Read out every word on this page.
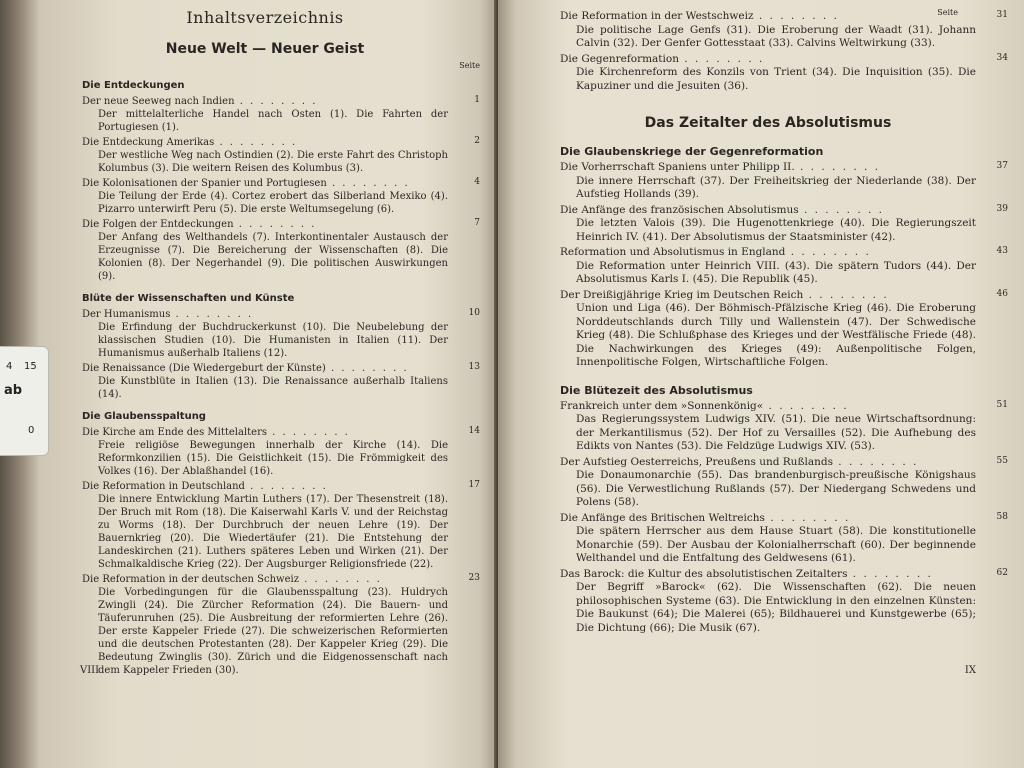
Inhaltsverzeichnis
Neue Welt — Neuer Geist
Seite
Die Entdeckungen
Der neue Seeweg nach Indien . . .	1
Der mittelalterliche Handel nach Osten (1). Die Fahrten der Portugiesen (1).
Die Entdeckung Amerikas . . .	2
Der westliche Weg nach Ostindien (2). Die erste Fahrt des Christoph Kolumbus (3). Die weitern Reisen des Kolumbus (3).
Die Kolonisationen der Spanier und Portugiesen . . .	4
Die Teilung der Erde (4). Cortez erobert das Silberland Mexiko (4). Pizarro unterwirft Peru (5). Die erste Weltumsegelung (6).
Die Folgen der Entdeckungen . . .	7
Der Anfang des Welthandels (7). Interkontinentaler Austausch der Erzeugnisse (7). Die Bereicherung der Wissenschaften (8). Die Kolonien (8). Der Negerhandel (9). Die politischen Auswirkungen (9).
Blüte der Wissenschaften und Künste
Der Humanismus . . .	10
Die Erfindung der Buchdruckerkunst (10). Die Neubelebung der klassischen Studien (10). Die Humanisten in Italien (11). Der Humanismus außerhalb Italiens (12).
Die Renaissance (Die Wiedergeburt der Künste) . . .	13
Die Kunstblüte in Italien (13). Die Renaissance außerhalb Italiens (14).
Die Glaubensspaltung
Die Kirche am Ende des Mittelalters . . .	14
Freie religiöse Bewegungen innerhalb der Kirche (14). Die Reformkonzilien (15). Die Geistlichkeit (15). Die Frömmigkeit des Volkes (16). Der Ablaßhandel (16).
Die Reformation in Deutschland . . .	17
Die innere Entwicklung Martin Luthers (17). Der Thesenstreit (18). Der Bruch mit Rom (18). Die Kaiserwahl Karls V. und der Reichstag zu Worms (18). Der Durchbruch der neuen Lehre (19). Der Bauernkrieg (20). Die Wiedertäufer (21). Die Entstehung der Landeskirchen (21). Luthers späteres Leben und Wirken (21). Der Schmalkaldische Krieg (22). Der Augsburger Religionsfriede (22).
Die Reformation in der deutschen Schweiz . . .	23
Die Vorbedingungen für die Glaubensspaltung (23). Huldrych Zwingli (24). Die Zürcher Reformation (24). Die Bauern- und Täuferunruhen (25). Die Ausbreitung der reformierten Lehre (26). Der erste Kappeler Friede (27). Die schweizerischen Reformierten und die deutschen Protestanten (28). Der Kappeler Krieg (29). Die Bedeutung Zwinglis (30). Zürich und die Eidgenossenschaft nach dem Kappeler Frieden (30).
VIII
Seite
Die Reformation in der Westschweiz . . .	31
Die politische Lage Genfs (31). Die Eroberung der Waadt (31). Johann Calvin (32). Der Genfer Gottesstaat (33). Calvins Weltwirkung (33).
Die Gegenreformation . . .	34
Die Kirchenreform des Konzils von Trient (34). Die Inquisition (35). Die Kapuziner und die Jesuiten (36).
Das Zeitalter des Absolutismus
Die Glaubenskriege der Gegenreformation
Die Vorherrschaft Spaniens unter Philipp II. . . .	37
Die innere Herrschaft (37). Der Freiheitskrieg der Niederlande (38). Der Aufstieg Hollands (39).
Die Anfänge des französischen Absolutismus . . .	39
Die letzten Valois (39). Die Hugenottenkriege (40). Die Regierungszeit Heinrich IV. (41). Der Absolutismus der Staatsminister (42).
Reformation und Absolutismus in England . . .	43
Die Reformation unter Heinrich VIII. (43). Die spätern Tudors (44). Der Absolutismus Karls I. (45). Die Republik (45).
Der Dreißigjährige Krieg im Deutschen Reich . . .	46
Union und Liga (46). Der Böhmisch-Pfälzische Krieg (46). Die Eroberung Norddeutschlands durch Tilly und Wallenstein (47). Der Schwedische Krieg (48). Die Schlußphase des Krieges und der Westfälische Friede (48). Die Nachwirkungen des Krieges (49): Außenpolitische Folgen, Innenpolitische Folgen, Wirtschaftliche Folgen.
Die Blütezeit des Absolutismus
Frankreich unter dem »Sonnenkönig« . . .	51
Das Regierungssystem Ludwigs XIV. (51). Die neue Wirtschaftsordnung: der Merkantilismus (52). Der Hof zu Versailles (52). Die Aufhebung des Edikts von Nantes (53). Die Feldzüge Ludwigs XIV. (53).
Der Aufstieg Oesterreichs, Preußens und Rußlands . . .	55
Die Donaumonarchie (55). Das brandenburgisch-preußische Königshaus (56). Die Verwestlichung Rußlands (57). Der Niedergang Schwedens und Polens (58).
Die Anfänge des Britischen Weltreichs . . .	58
Die spätern Herrscher aus dem Hause Stuart (58). Die konstitutionelle Monarchie (59). Der Ausbau der Kolonialherrschaft (60). Der beginnende Welthandel und die Entfaltung des Geldwesens (61).
Das Barock: die Kultur des absolutistischen Zeitalters . . .	62
Der Begriff »Barock« (62). Die Wissenschaften (62). Die neuen philosophischen Systeme (63). Die Entwicklung in den einzelnen Künsten: Die Baukunst (64); Die Malerei (65); Bildhauerei und Kunstgewerbe (65); Die Dichtung (66); Die Musik (67).
IX
4 15
ab
0
